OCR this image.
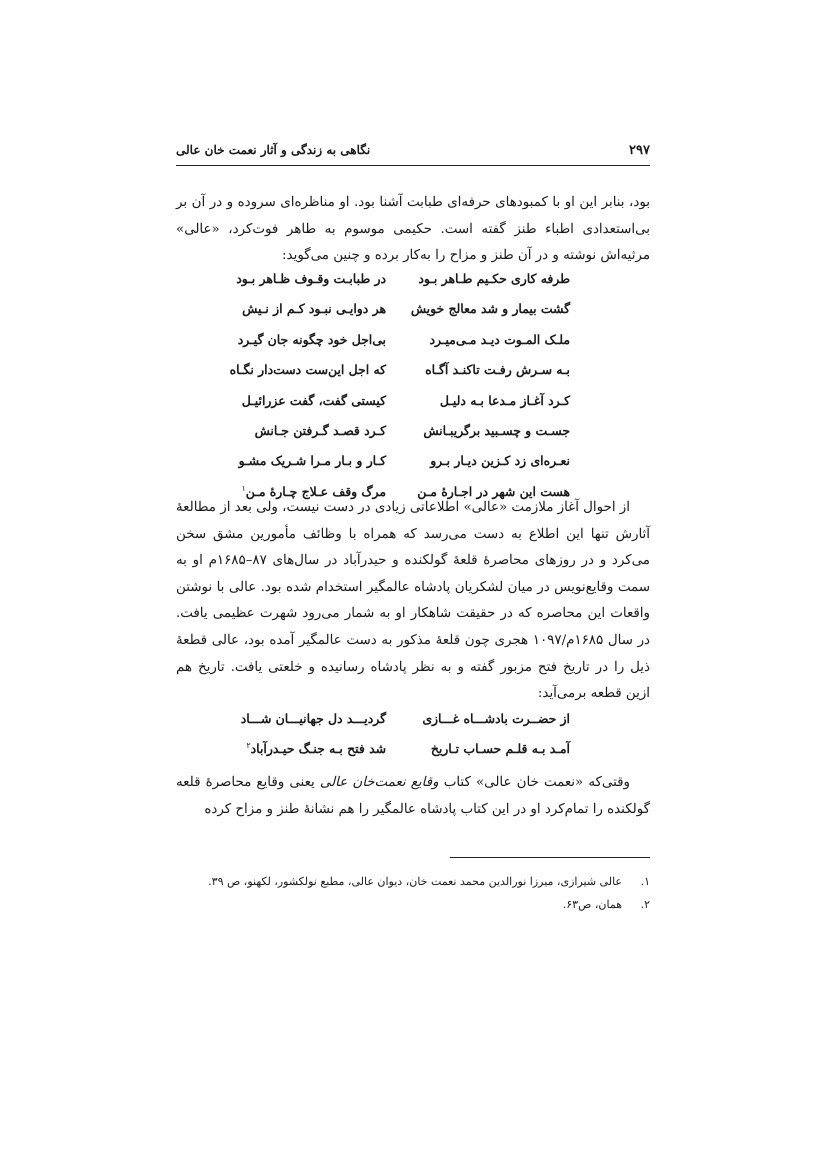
۲۹۷
نگاهی به زندگی و آثار نعمت خان عالی

بود، بنابر این او با کمبودهای حرفه‌ای طبابت آشنا بود. او مناظره‌ای سروده و در آن بر بی‌استعدادی اطباء طنز گفته است. حکیمی موسوم به طاهر فوت‌کرد، «عالی» مرثیه‌اش نوشته و در آن طنز و مزاح را به‌کار برده و چنین می‌گوید:

طرفه کاری حکـیم طـاهر بـود
در طبابـت وقـوف ظـاهر بـود
گشت بیمار و شد معالج خویش
هر دوایـی نبـود کـم از نـیش
ملـک المـوت دیـد مـی‌میـرد
بی‌اجل خود چگونه جان گیـرد
بـه سـرش رفـت تاکنـد آگـاه
که اجل این‌ست دست‌دار نگـاه
کـرد آغـاز مـدعا بـه دلیـل
کیستی گفت، گفت عزرائیـل
جسـت و چسـبید برگریبـانش
کـرد قصـد گـرفتن جـانش
نعـره‌ای زد کـزین دیـار بـرو
کـار و بـار مـرا شـریک مشـو
هست این شهر در اجـارۀ مـن
مرگ وقف عـلاج چـارۀ مـن$^۱$

از احوال آغاز ملازمت «عالی» اطلاعاتی زیادی در دست نیست، ولی بعد از مطالعۀ آثارش تنها این اطلاع به دست می‌رسد که همراه با وظائف مأمورین مشق سخن می‌کرد و در روزهای محاصرۀ قلعۀ گولکنده و حیدرآباد در سال‌های ۸۷–۱۶۸۵م او به سمت وقایع‌نویس در میان لشکریان پادشاه عالمگیر استخدام شده بود. عالی با نوشتن واقعات این محاصره که در حقیقت شاهکار او به شمار می‌رود شهرت عظیمی یافت. در سال ۱۶۸۵م/۱۰۹۷ هجری چون قلعۀ مذکور به دست عالمگیر آمده بود، عالی قطعۀ ذیل را در تاریخ فتح مزبور گفته و به نظر پادشاه رسانیده و خلعتی یافت. تاریخ هم ازین قطعه برمی‌آید:

از حضــرت بادشـــاه غـــازی
گردیـــد دل جهانیـــان شـــاد
آمـد بـه قلـم حسـاب تـاریخ
شد فتح بـه جنـگ حیـدرآباد$^۲$

وقتی‌که «نعمت خان عالی» کتاب وقایع نعمت‌خان عالی یعنی وقایع محاصرۀ قلعه گولکنده را تمام‌کرد او در این کتاب پادشاه عالمگیر را هم نشانۀ طنز و مزاح کرده

۱.
عالی شیرازی، میرزا نورالدین محمد نعمت خان، دیوان عالی، مطبع نولکشور، لکهنو، ص ۳۹.
۲.
همان، ص۶۳.
